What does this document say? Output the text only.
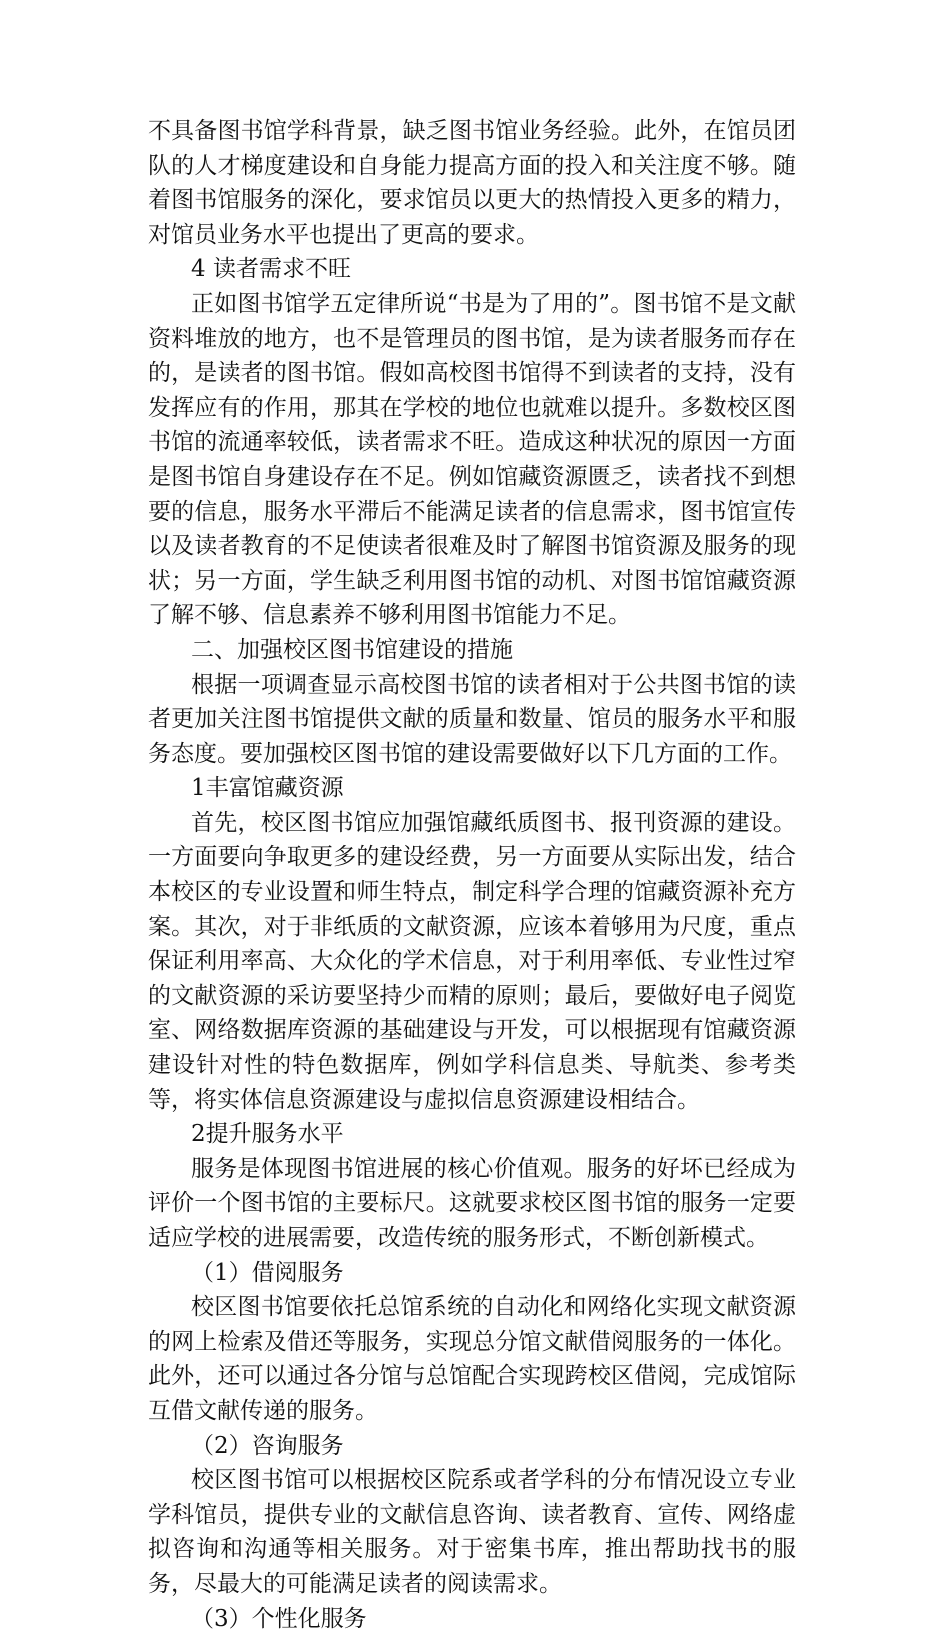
不具备图书馆学科背景，缺乏图书馆业务经验。此外，在馆员团队的人才梯度建设和自身能力提高方面的投入和关注度不够。随着图书馆服务的深化，要求馆员以更大的热情投入更多的精力，对馆员业务水平也提出了更高的要求。

4 读者需求不旺

正如图书馆学五定律所说“书是为了用的”。图书馆不是文献资料堆放的地方，也不是管理员的图书馆，是为读者服务而存在的，是读者的图书馆。假如高校图书馆得不到读者的支持，没有发挥应有的作用，那其在学校的地位也就难以提升。多数校区图书馆的流通率较低，读者需求不旺。造成这种状况的原因一方面是图书馆自身建设存在不足。例如馆藏资源匮乏，读者找不到想要的信息，服务水平滞后不能满足读者的信息需求，图书馆宣传以及读者教育的不足使读者很难及时了解图书馆资源及服务的现状；另一方面，学生缺乏利用图书馆的动机、对图书馆馆藏资源了解不够、信息素养不够利用图书馆能力不足。

二、加强校区图书馆建设的措施

根据一项调查显示高校图书馆的读者相对于公共图书馆的读者更加关注图书馆提供文献的质量和数量、馆员的服务水平和服务态度。要加强校区图书馆的建设需要做好以下几方面的工作。

1丰富馆藏资源

首先，校区图书馆应加强馆藏纸质图书、报刊资源的建设。一方面要向争取更多的建设经费，另一方面要从实际出发，结合本校区的专业设置和师生特点，制定科学合理的馆藏资源补充方案。其次，对于非纸质的文献资源，应该本着够用为尺度，重点保证利用率高、大众化的学术信息，对于利用率低、专业性过窄的文献资源的采访要坚持少而精的原则；最后，要做好电子阅览室、网络数据库资源的基础建设与开发，可以根据现有馆藏资源建设针对性的特色数据库，例如学科信息类、导航类、参考类等，将实体信息资源建设与虚拟信息资源建设相结合。

2提升服务水平

服务是体现图书馆进展的核心价值观。服务的好坏已经成为评价一个图书馆的主要标尺。这就要求校区图书馆的服务一定要适应学校的进展需要，改造传统的服务形式，不断创新模式。

（1）借阅服务

校区图书馆要依托总馆系统的自动化和网络化实现文献资源的网上检索及借还等服务，实现总分馆文献借阅服务的一体化。此外，还可以通过各分馆与总馆配合实现跨校区借阅，完成馆际互借文献传递的服务。

（2）咨询服务

校区图书馆可以根据校区院系或者学科的分布情况设立专业学科馆员，提供专业的文献信息咨询、读者教育、宣传、网络虚拟咨询和沟通等相关服务。对于密集书库，推出帮助找书的服务，尽最大的可能满足读者的阅读需求。

（3）个性化服务
